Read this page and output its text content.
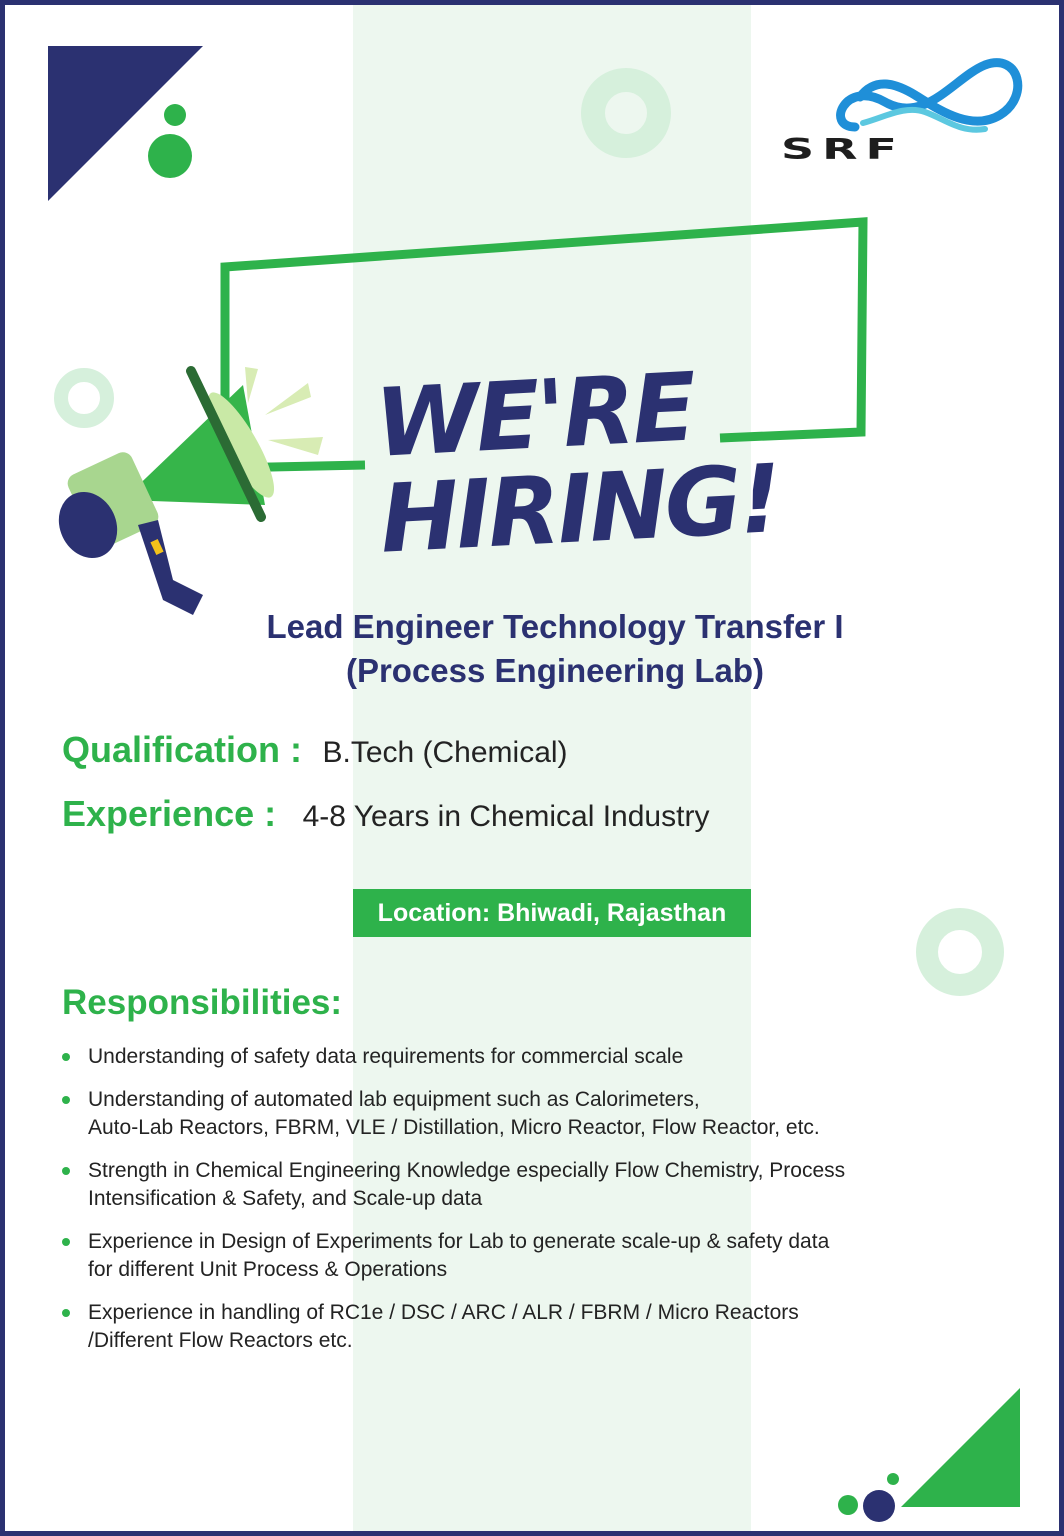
SRF
WE'RE
HIRING!
Lead Engineer Technology Transfer I
(Process Engineering Lab)
Qualification : B.Tech (Chemical)
Experience : 4-8 Years in Chemical Industry
Location: Bhiwadi, Rajasthan
Responsibilities:
Understanding of safety data requirements for commercial scale
Understanding of automated lab equipment such as Calorimeters,
Auto-Lab Reactors, FBRM, VLE / Distillation, Micro Reactor, Flow Reactor, etc.
Strength in Chemical Engineering Knowledge especially Flow Chemistry, Process
Intensification & Safety, and Scale-up data
Experience in Design of Experiments for Lab to generate scale-up & safety data
for different Unit Process & Operations
Experience in handling of RC1e / DSC / ARC / ALR / FBRM / Micro Reactors
/Different Flow Reactors etc.
